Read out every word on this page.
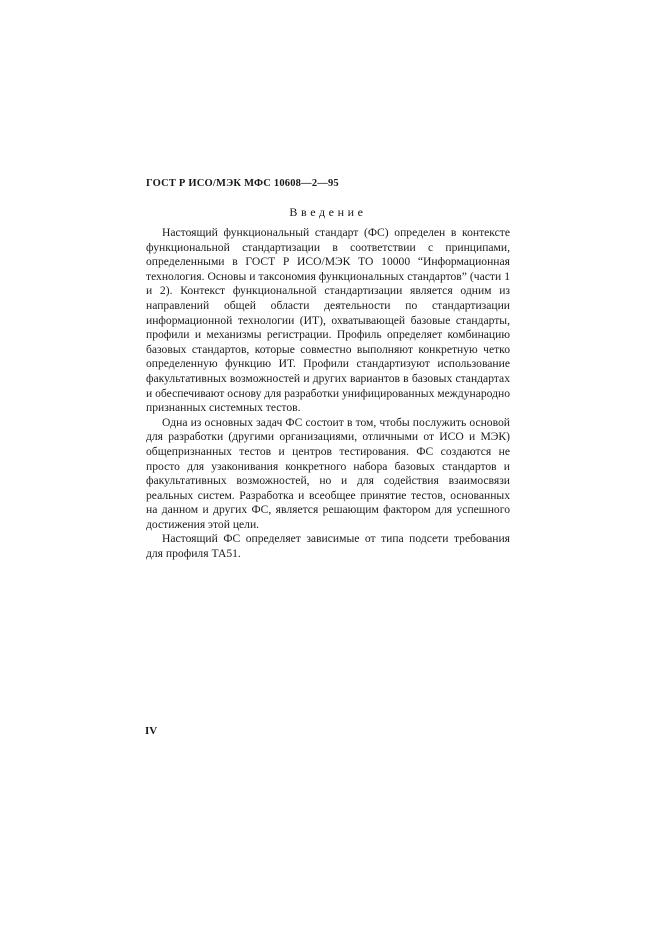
ГОСТ Р ИСО/МЭК МФС 10608—2—95
Введение

Настоящий функциональный стандарт (ФС) определен в контексте функциональной стандартизации в соответствии с принципами, определенными в ГОСТ Р ИСО/МЭК ТО 10000 “Информационная технология. Основы и таксономия функциональных стандартов” (части 1 и 2). Контекст функциональной стандартизации является одним из направлений общей области деятельности по стандартизации информационной технологии (ИТ), охватывающей базовые стандарты, профили и механизмы регистрации. Профиль определяет комбинацию базовых стандартов, которые совместно выполняют конкретную четко определенную функцию ИТ. Профили стандартизуют использование факультативных возможностей и других вариантов в базовых стандартах и обеспечивают основу для разработки унифицированных международно признанных системных тестов.

Одна из основных задач ФС состоит в том, чтобы послужить основой для разработки (другими организациями, отличными от ИСО и МЭК) общепризнанных тестов и центров тестирования. ФС создаются не просто для узаконивания конкретного набора базовых стандартов и факультативных возможностей, но и для содействия взаимосвязи реальных систем. Разработка и всеобщее принятие тестов, основанных на данном и других ФС, является решающим фактором для успешного достижения этой цели.

Настоящий ФС определяет зависимые от типа подсети требования для профиля ТА51.

IV
